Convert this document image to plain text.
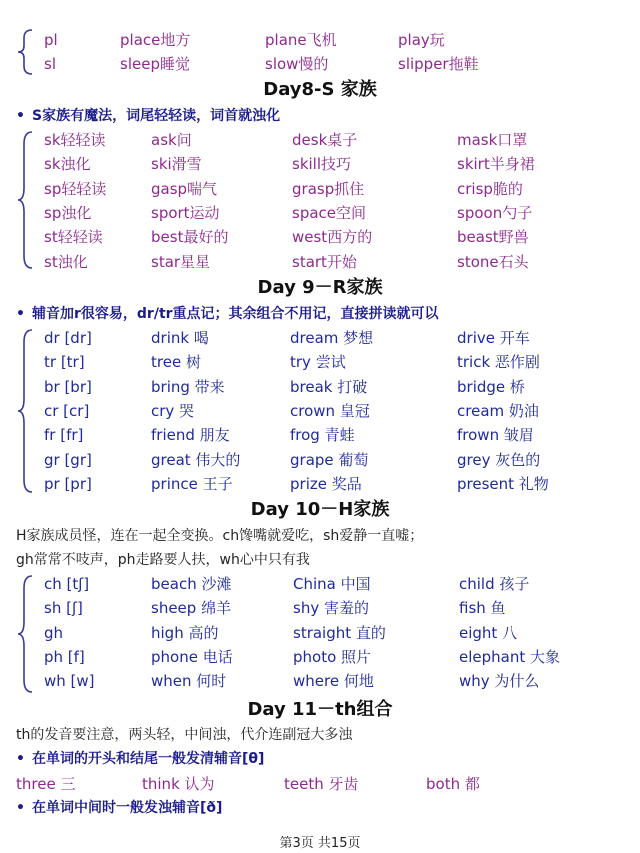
pl	place地方	plane飞机	play玩
sl	sleep睡觉	slow慢的	slipper拖鞋
Day8-S 家族
• S家族有魔法，词尾轻轻读，词首就浊化
sk轻轻读	ask问	desk桌子	mask口罩
sk浊化	ski滑雪	skill技巧	skirt半身裙
sp轻轻读	gasp喘气	grasp抓住	crisp脆的
sp浊化	sport运动	space空间	spoon勺子
st轻轻读	best最好的	west西方的	beast野兽
st浊化	star星星	start开始	stone石头
Day 9－R家族
• 辅音加r很容易，dr/tr重点记；其余组合不用记，直接拼读就可以
dr [dr]	drink 喝	dream 梦想	drive 开车
tr [tr]	tree 树	try 尝试	trick 恶作剧
br [br]	bring 带来	break 打破	bridge 桥
cr [cr]	cry 哭	crown 皇冠	cream 奶油
fr [fr]	friend 朋友	frog 青蛙	frown 皱眉
gr [gr]	great 伟大的	grape 葡萄	grey 灰色的
pr [pr]	prince 王子	prize 奖品	present 礼物
Day 10－H家族
H家族成员怪，连在一起全变换。ch馋嘴就爱吃，sh爱静一直嘘；
gh常常不吱声，ph走路要人扶，wh心中只有我
ch [tʃ]	beach 沙滩	China 中国	child 孩子
sh [ʃ]	sheep 绵羊	shy 害羞的	fish 鱼
gh	high 高的	straight 直的	eight 八
ph [f]	phone 电话	photo 照片	elephant 大象
wh [w]	when 何时	where 何地	why 为什么
Day 11－th组合
th的发音要注意，两头轻，中间浊，代介连副冠大多浊
• 在单词的开头和结尾一般发清辅音[θ]
three 三	think 认为	teeth 牙齿	both 都
• 在单词中间时一般发浊辅音[ð]
第3页 共15页
